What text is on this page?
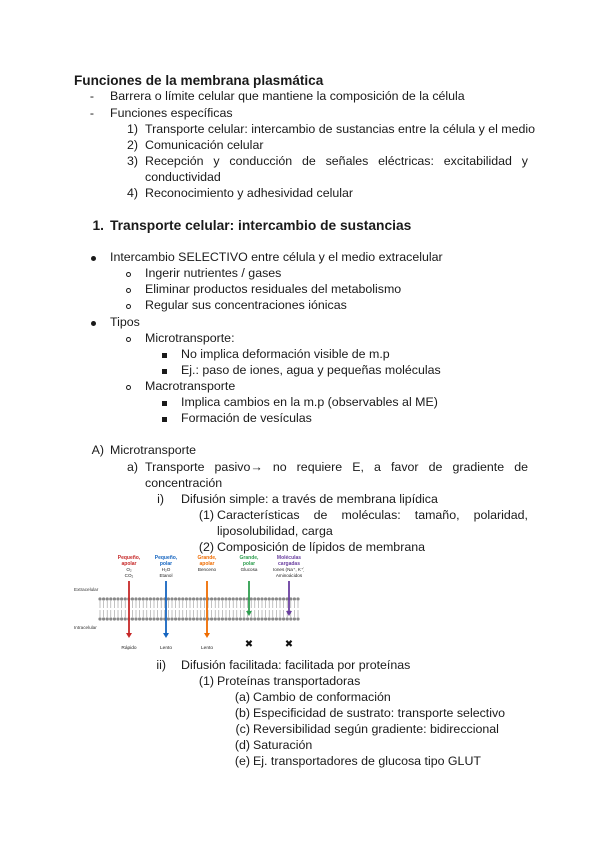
Funciones de la membrana plasmática
- Barrera o límite celular que mantiene la composición de la célula
- Funciones específicas
1) Transporte celular: intercambio de sustancias entre la célula y el medio
2) Comunicación celular
3) Recepción y conducción de señales eléctricas: excitabilidad y
conductividad
4) Reconocimiento y adhesividad celular
1. Transporte celular: intercambio de sustancias
Intercambio SELECTIVO entre célula y el medio extracelular
Ingerir nutrientes / gases
Eliminar productos residuales del metabolismo
Regular sus concentraciones iónicas
Tipos
Microtransporte:
No implica deformación visible de m.p
Ej.: paso de iones, agua y pequeñas moléculas
Macrotransporte
Implica cambios en la m.p (observables al ME)
Formación de vesículas
A) Microtransporte
a) Transporte pasivo→ no requiere E, a favor de gradiente de
concentración
i) Difusión simple: a través de membrana lipídica
(1) Características de moléculas: tamaño, polaridad,
liposolubilidad, carga
(2) Composición de lípidos de membrana
Extracelular
Intracelular
Pequeño,
apolar
O₂
CO₂
Rápido
Pequeño,
polar
H₂O
Etanol
Lento
Grande,
apolar
Benceno
Lento
Grande,
polar
Glucosa
✖
Moléculas
cargadas
Iones (Na⁺, K⁺)
Aminoácidos
✖
ii) Difusión facilitada: facilitada por proteínas
(1) Proteínas transportadoras
(a) Cambio de conformación
(b) Especificidad de sustrato: transporte selectivo
(c) Reversibilidad según gradiente: bidireccional
(d) Saturación
(e) Ej. transportadores de glucosa tipo GLUT
